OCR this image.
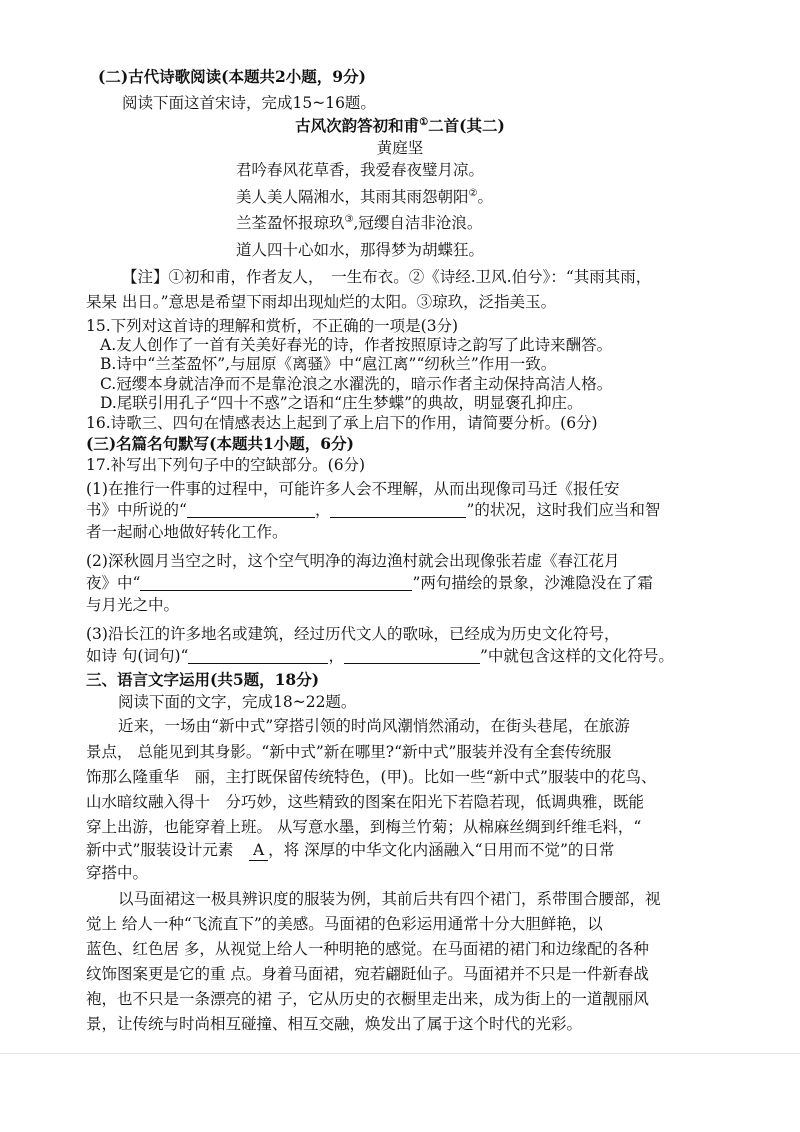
(二)古代诗歌阅读(本题共2小题，9分)
阅读下面这首宋诗，完成15~16题。
古风次韵答初和甫①二首(其二)
黄庭坚
君吟春风花草香，我爱春夜璧月凉。
美人美人隔湘水，其雨其雨怨朝阳②。
兰荃盈怀报琼玖③,冠缨自洁非沧浪。
道人四十心如水，那得梦为胡蝶狂。
【注】①初和甫，作者友人，　一生布衣。②《诗经.卫风.伯兮》：“其雨其雨，
杲杲 出日。”意思是希望下雨却出现灿烂的太阳。③琼玖，泛指美玉。
15.下列对这首诗的理解和赏析，不正确的一项是(3分)
A.友人创作了一首有关美好春光的诗，作者按照原诗之韵写了此诗来酬答。
B.诗中“兰荃盈怀”,与屈原《离骚》中“扈江离”“纫秋兰”作用一致。
C.冠缨本身就洁净而不是靠沧浪之水濯洗的，暗示作者主动保持高洁人格。
D.尾联引用孔子“四十不惑”之语和“庄生梦蝶”的典故，明显褒孔抑庄。
16.诗歌三、四句在情感表达上起到了承上启下的作用，请简要分析。(6分)
(三)名篇名句默写(本题共1小题，6分)
17.补写出下列句子中的空缺部分。(6分)
(1)在推行一件事的过程中，可能许多人会不理解，从而出现像司马迁《报任安
书》中所说的“	，	”的状况，这时我们应当和智
者一起耐心地做好转化工作。
(2)深秋圆月当空之时，这个空气明净的海边渔村就会出现像张若虚《春江花月
夜》中“	”两句描绘的景象，沙滩隐没在了霜
与月光之中。
(3)沿长江的许多地名或建筑，经过历代文人的歌咏，已经成为历史文化符号，
如诗 句(词句)“	，	”中就包含这样的文化符号。
三、语言文字运用(共5题，18分)
阅读下面的文字，完成18~22题。
近来，一场由“新中式”穿搭引领的时尚风潮悄然涌动，在街头巷尾，在旅游
景点， 总能见到其身影。“新中式”新在哪里?“新中式”服装并没有全套传统服
饰那么隆重华　丽，主打既保留传统特色，(甲)。比如一些“新中式”服装中的花鸟、
山水暗纹融入得十　分巧妙，这些精致的图案在阳光下若隐若现，低调典雅，既能
穿上出游，也能穿着上班。 从写意水墨，到梅兰竹菊；从棉麻丝绸到纤维毛料，“
新中式”服装设计元素　A ，将 深厚的中华文化内涵融入“日用而不觉”的日常
穿搭中。
以马面裙这一极具辨识度的服装为例，其前后共有四个裙门，系带围合腰部，视
觉上 给人一种“飞流直下”的美感。马面裙的色彩运用通常十分大胆鲜艳，以
蓝色、红色居 多，从视觉上给人一种明艳的感觉。在马面裙的裙门和边缘配的各种
纹饰图案更是它的重 点。身着马面裙，宛若翩跹仙子。马面裙并不只是一件新春战
袍，也不只是一条漂亮的裙 子，它从历史的衣橱里走出来，成为街上的一道靓丽风
景，让传统与时尚相互碰撞、相互交融，焕发出了属于这个时代的光彩。
